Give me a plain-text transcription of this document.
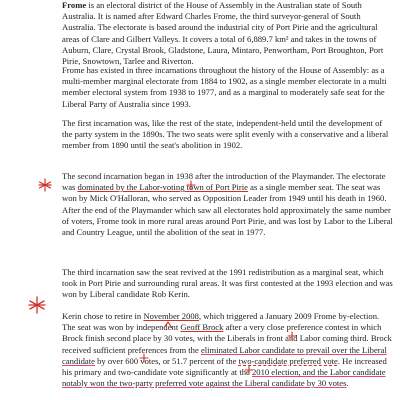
Frome is an electoral district of the House of Assembly in the Australian state of South Australia. It is named after Edward Charles Frome, the third surveyor-general of South Australia. The electorate is based around the industrial city of Port Pirie and the agricultural areas of Clare and Gilbert Valleys. It covers a total of 6,889.7 km² and takes in the towns of Auburn, Clare, Crystal Brook, Gladstone, Laura, Mintaro, Penwortham, Port Broughton, Port Pirie, Snowtown, Tarlee and Riverton.

Frome has existed in three incarnations throughout the history of the House of Assembly: as a multi-member marginal electorate from 1884 to 1902, as a single member electorate in a multi member electoral system from 1938 to 1977, and as a marginal to moderately safe seat for the Liberal Party of Australia since 1993.

The first incarnation was, like the rest of the state, independent-held until the development of the party system in the 1890s. The two seats were split evenly with a conservative and a liberal member from 1890 until the seat's abolition in 1902.

The second incarnation began in 1938 after the introduction of the Playmander. The electorate was dominated by the Labor-voting town of Port Pirie as a single member seat. The seat was won by Mick O'Halloran, who served as Opposition Leader from 1949 until his death in 1960. After the end of the Playmander which saw all electorates hold approximately the same number of voters, Frome took in more rural areas around Port Pirie, and was lost by Labor to the Liberal and Country League, until the abolition of the seat in 1977.

The third incarnation saw the seat revived at the 1991 redistribution as a marginal seat, which took in Port Pirie and surrounding rural areas. It was first contested at the 1993 election and was won by Liberal candidate Rob Kerin.

Kerin chose to retire in November 2008, which triggered a January 2009 Frome by-election. The seat was won by independent Geoff Brock after a very close preference contest in which Brock finish second place by 30 votes, with the Liberals in front and Labor coming third. Brock received sufficient preferences from the eliminated Labor candidate to prevail over the Liberal candidate by over 600 votes, or 51.7 percent of the two-candidate preferred vote. He increased his primary and two-candidate vote significantly at the 2010 election, and the Labor candidate notably won the two-party preferred vote against the Liberal candidate by 30 votes.
